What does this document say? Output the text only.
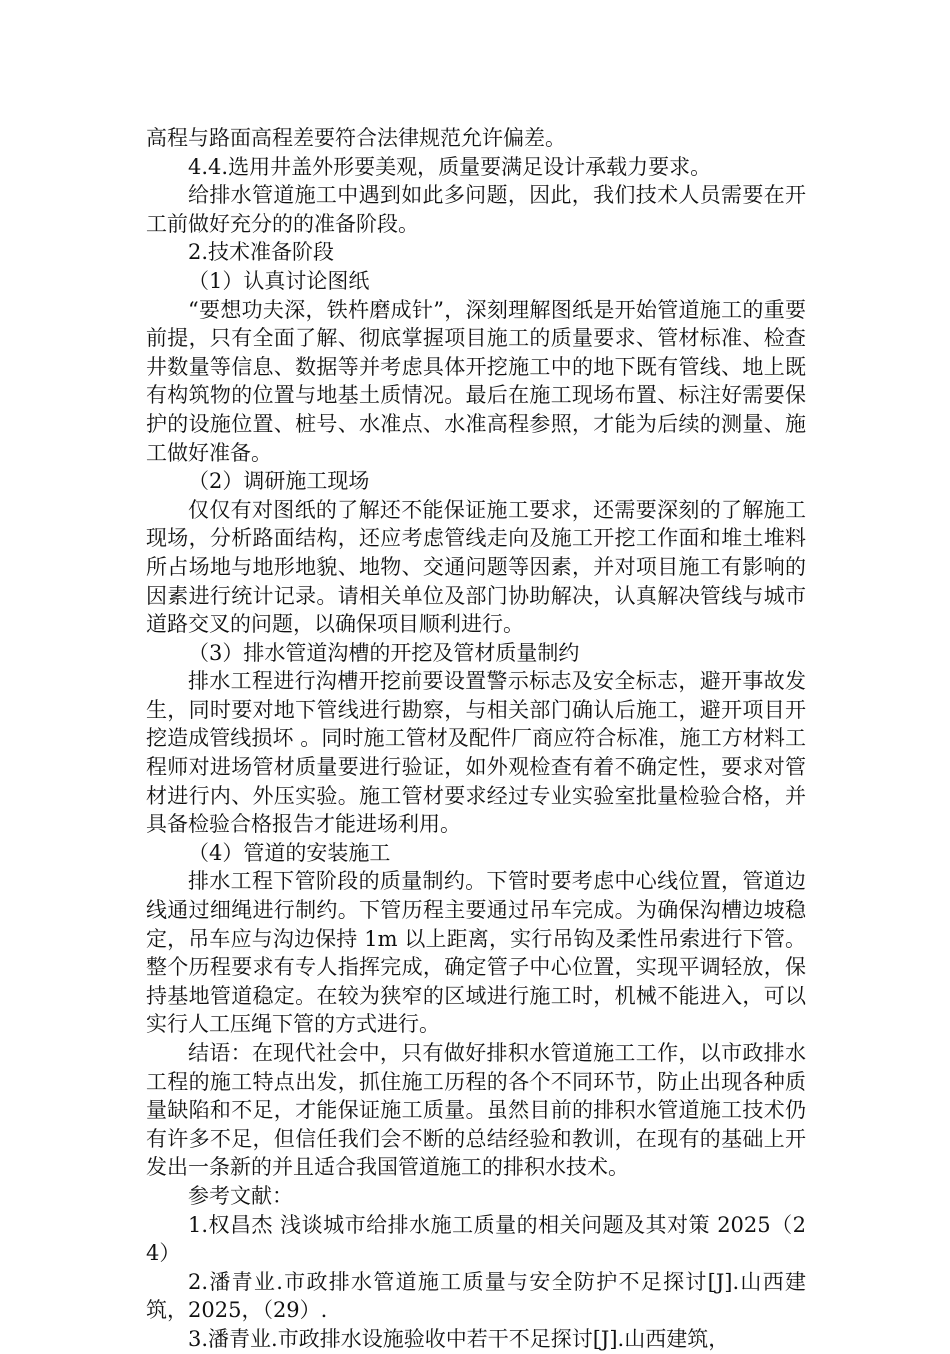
高程与路面高程差要符合法律规范允许偏差。

4.4.选用井盖外形要美观，质量要满足设计承载力要求。

给排水管道施工中遇到如此多问题，因此，我们技术人员需要在开工前做好充分的的准备阶段。

2.技术准备阶段

（1）认真讨论图纸

“要想功夫深，铁杵磨成针”，深刻理解图纸是开始管道施工的重要前提，只有全面了解、彻底掌握项目施工的质量要求、管材标准、检查井数量等信息、数据等并考虑具体开挖施工中的地下既有管线、地上既有构筑物的位置与地基土质情况。最后在施工现场布置、标注好需要保护的设施位置、桩号、水准点、水准高程参照，才能为后续的测量、施工做好准备。

（2）调研施工现场

仅仅有对图纸的了解还不能保证施工要求，还需要深刻的了解施工现场，分析路面结构，还应考虑管线走向及施工开挖工作面和堆土堆料所占场地与地形地貌、地物、交通问题等因素，并对项目施工有影响的因素进行统计记录。请相关单位及部门协助解决，认真解决管线与城市道路交叉的问题，以确保项目顺利进行。

（3）排水管道沟槽的开挖及管材质量制约

排水工程进行沟槽开挖前要设置警示标志及安全标志，避开事故发生，同时要对地下管线进行勘察，与相关部门确认后施工，避开项目开挖造成管线损坏 。同时施工管材及配件厂商应符合标准，施工方材料工程师对进场管材质量要进行验证，如外观检查有着不确定性，要求对管材进行内、外压实验。施工管材要求经过专业实验室批量检验合格，并具备检验合格报告才能进场利用。

（4）管道的安装施工

排水工程下管阶段的质量制约。下管时要考虑中心线位置，管道边线通过细绳进行制约。下管历程主要通过吊车完成。为确保沟槽边坡稳定，吊车应与沟边保持 1m 以上距离，实行吊钩及柔性吊索进行下管。整个历程要求有专人指挥完成，确定管子中心位置，实现平调轻放，保持基地管道稳定。在较为狭窄的区域进行施工时，机械不能进入，可以实行人工压绳下管的方式进行。

结语：在现代社会中，只有做好排积水管道施工工作，以市政排水工程的施工特点出发，抓住施工历程的各个不同环节，防止出现各种质量缺陷和不足，才能保证施工质量。虽然目前的排积水管道施工技术仍有许多不足，但信任我们会不断的总结经验和教训，在现有的基础上开发出一条新的并且适合我国管道施工的排积水技术。

参考文献：

1.权昌杰 浅谈城市给排水施工质量的相关问题及其对策 2025（24）

2.潘青业.市政排水管道施工质量与安全防护不足探讨[J].山西建筑，2025，（29）.

3.潘青业.市政排水设施验收中若干不足探讨[J].山西建筑，
